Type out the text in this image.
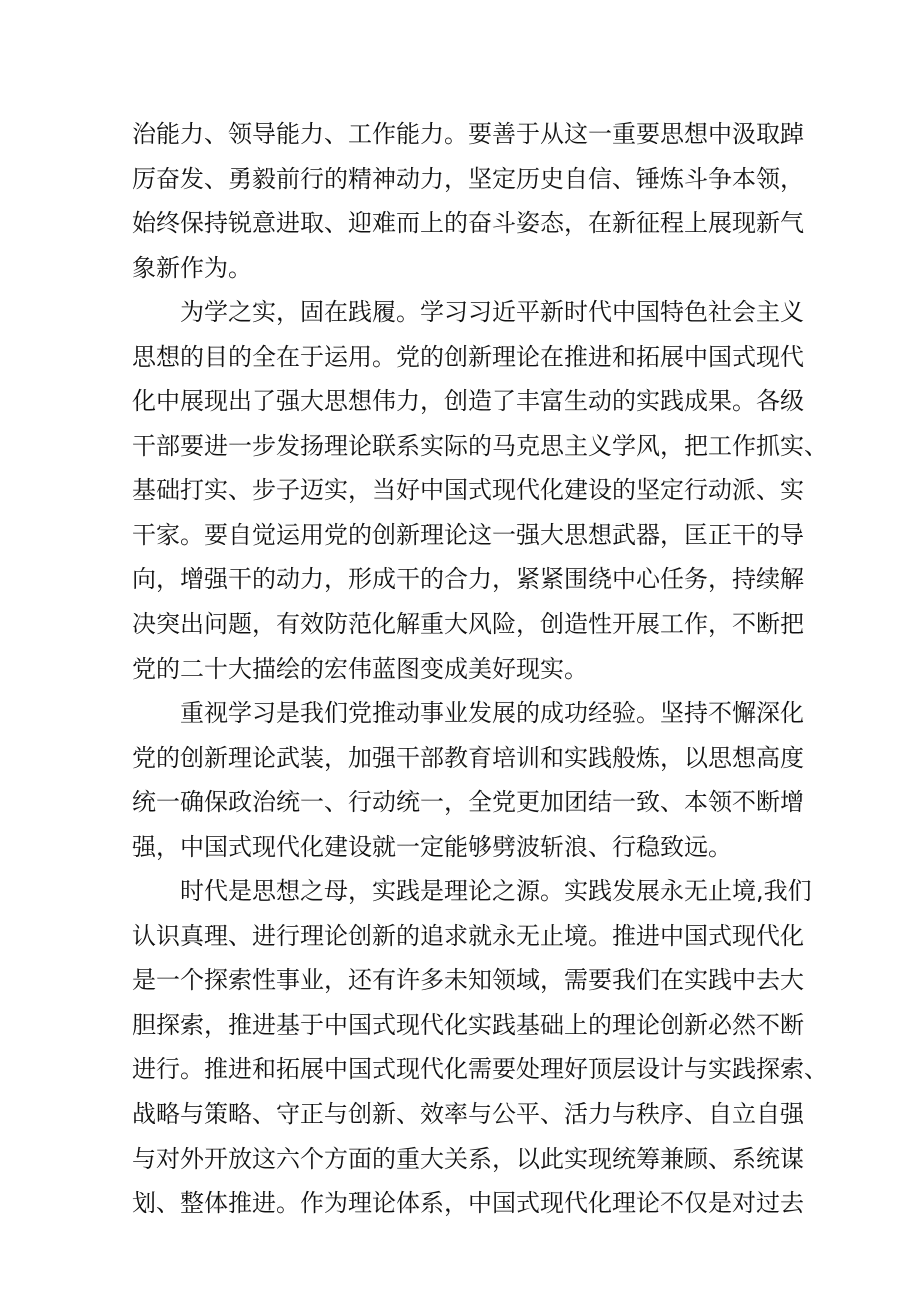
治能力、领导能力、工作能力。要善于从这一重要思想中汲取踔
厉奋发、勇毅前行的精神动力，坚定历史自信、锤炼斗争本领，
始终保持锐意进取、迎难而上的奋斗姿态，在新征程上展现新气
象新作为。
为学之实，固在践履。学习习近平新时代中国特色社会主义
思想的目的全在于运用。党的创新理论在推进和拓展中国式现代
化中展现出了强大思想伟力，创造了丰富生动的实践成果。各级
干部要进一步发扬理论联系实际的马克思主义学风，把工作抓实、
基础打实、步子迈实，当好中国式现代化建设的坚定行动派、实
干家。要自觉运用党的创新理论这一强大思想武器，匡正干的导
向，增强干的动力，形成干的合力，紧紧围绕中心任务，持续解
决突出问题，有效防范化解重大风险，创造性开展工作，不断把
党的二十大描绘的宏伟蓝图变成美好现实。
重视学习是我们党推动事业发展的成功经验。坚持不懈深化
党的创新理论武装，加强干部教育培训和实践般炼，以思想高度
统一确保政治统一、行动统一，全党更加团结一致、本领不断增
强，中国式现代化建设就一定能够劈波斩浪、行稳致远。
时代是思想之母，实践是理论之源。实践发展永无止境,我们
认识真理、进行理论创新的追求就永无止境。推进中国式现代化
是一个探索性事业，还有许多未知领域，需要我们在实践中去大
胆探索，推进基于中国式现代化实践基础上的理论创新必然不断
进行。推进和拓展中国式现代化需要处理好顶层设计与实践探索、
战略与策略、守正与创新、效率与公平、活力与秩序、自立自强
与对外开放这六个方面的重大关系，以此实现统筹兼顾、系统谋
划、整体推进。作为理论体系，中国式现代化理论不仅是对过去
